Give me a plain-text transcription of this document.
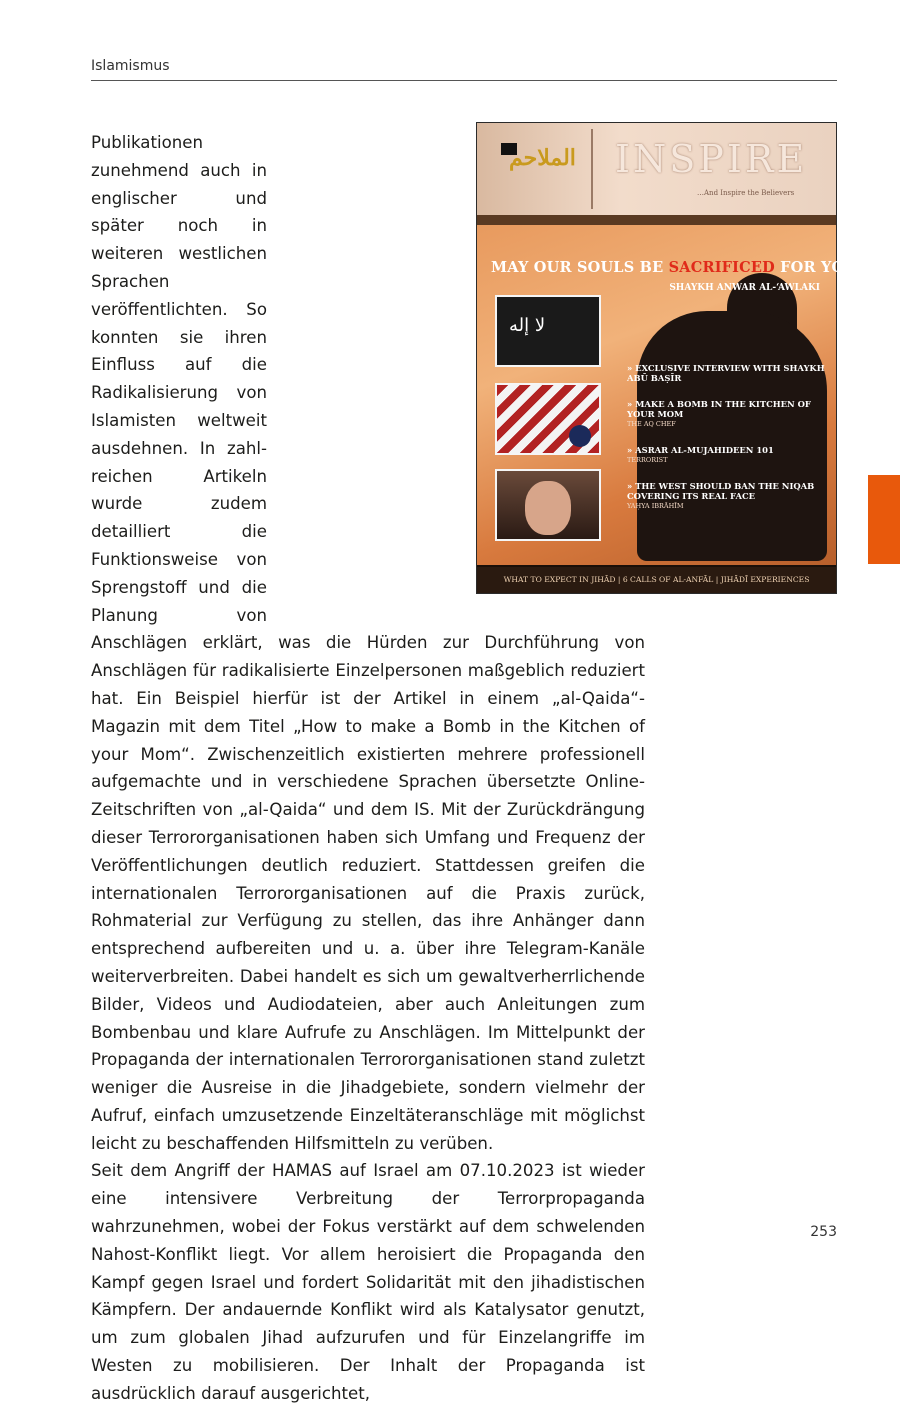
Islamismus

Publikationen zunehmend auch in englischer und später noch in weiteren westlichen Sprachen veröffentlichten. So konnten sie ihren Einfluss auf die Radikalisierung von Islamisten weltweit ausdehnen. In zahlreichen Artikeln wurde zudem detailliert die Funktionsweise von Sprengstoff und die Planung von Anschlägen erklärt, was die Hürden zur Durchführung von Anschlägen für radikalisierte Einzelpersonen maßgeblich reduziert hat. Ein Beispiel hierfür ist der Artikel in einem „al-Qaida“-Magazin mit dem Titel „How to make a Bomb in the Kitchen of your Mom“. Zwischenzeitlich existierten mehrere professionell aufgemachte und in verschiedene Sprachen übersetzte Online-Zeitschriften von „al-Qaida“ und dem IS. Mit der Zurückdrängung dieser Terrororganisationen haben sich Umfang und Frequenz der Veröffentlichungen deutlich reduziert. Stattdessen greifen die internationalen Terrororganisationen auf die Praxis zurück, Rohmaterial zur Verfügung zu stellen, das ihre Anhänger dann entsprechend aufbereiten und u. a. über ihre Telegram-Kanäle weiterverbreiten. Dabei handelt es sich um gewaltverherrlichende Bilder, Videos und Audiodateien, aber auch Anleitungen zum Bombenbau und klare Aufrufe zu Anschlägen. Im Mittelpunkt der Propaganda der internationalen Terrororganisationen stand zuletzt weniger die Ausreise in die Jihadgebiete, sondern vielmehr der Aufruf, einfach umzusetzende Einzeltäteranschläge mit möglichst leicht zu beschaffenden Hilfsmitteln zu verüben.

Seit dem Angriff der HAMAS auf Israel am 07.10.2023 ist wieder eine intensivere Verbreitung der Terrorpropaganda wahrzunehmen, wobei der Fokus verstärkt auf dem schwelenden Nahost-Konflikt liegt. Vor allem heroisiert die Propaganda den Kampf gegen Israel und fordert Solidarität mit den jihadistischen Kämpfern. Der andauernde Konflikt wird als Katalysator genutzt, um zum globalen Jihad aufzurufen und für Einzelangriffe im Westen zu mobilisieren. Der Inhalt der Propaganda ist ausdrücklich darauf ausgerichtet,

الملاحم INSPIRE
…And Inspire the Believers
MAY OUR SOULS BE SACRIFICED FOR YOU!
SHAYKH ANWAR AL-‘AWLAKI
ﻻ إله
» EXCLUSIVE INTERVIEW WITH SHAYKH ABŪ BAṢĪR
» MAKE A BOMB IN THE KITCHEN OF YOUR MOM
THE AQ CHEF
» ASRAR AL-MUJAHIDEEN 101
TERRORIST
» THE WEST SHOULD BAN THE NIQAB COVERING ITS REAL FACE
YAḤYA IBRĀHĪM
WHAT TO EXPECT IN JIHĀD | 6 CALLS OF AL-ANFĀL | JIHĀDĪ EXPERIENCES
253
